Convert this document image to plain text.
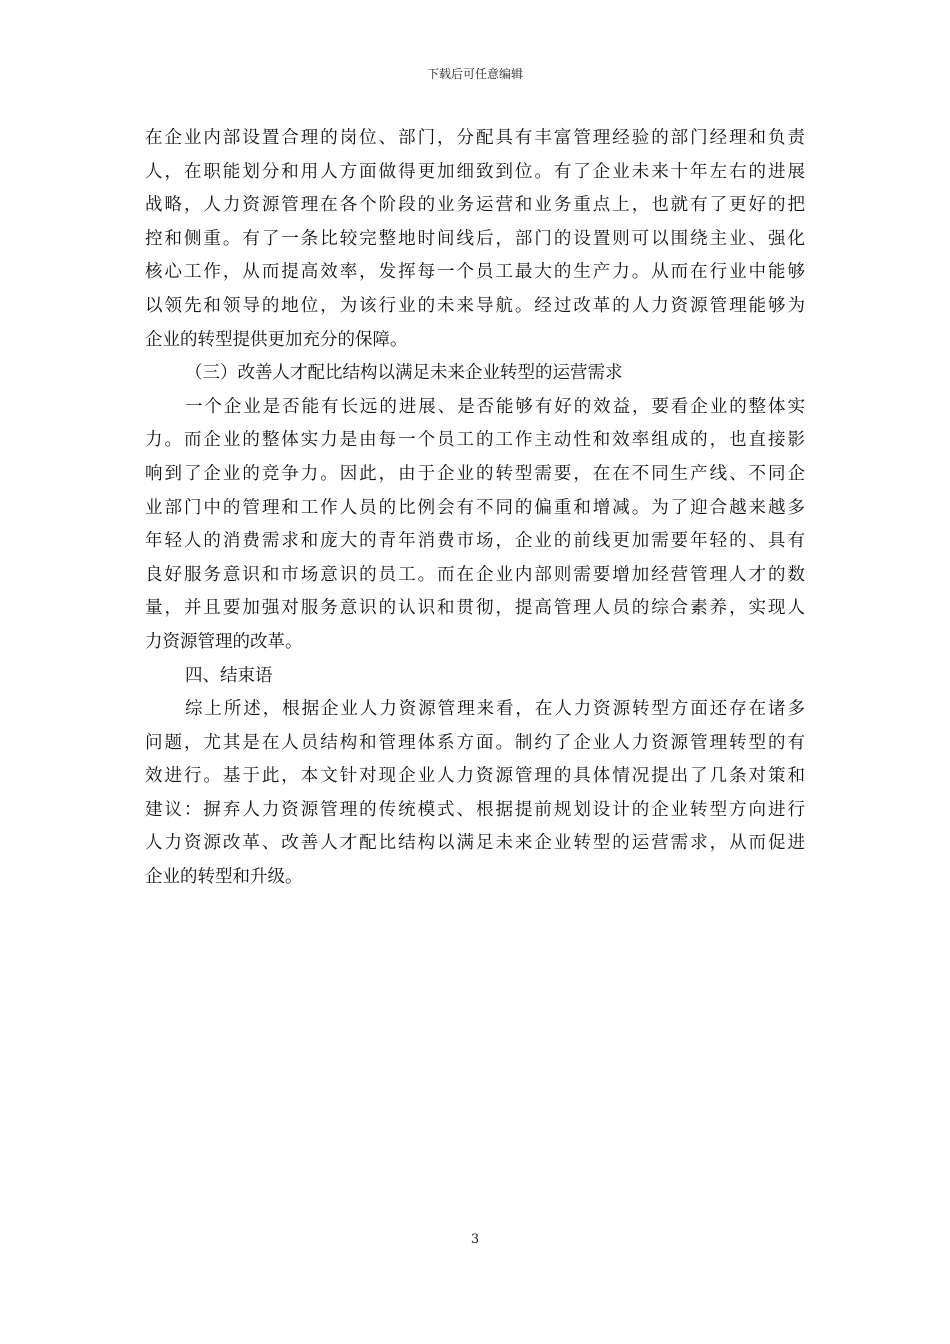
下载后可任意编辑
在企业内部设置合理的岗位、部门，分配具有丰富管理经验的部门经理和负责
人，在职能划分和用人方面做得更加细致到位。有了企业未来十年左右的进展
战略，人力资源管理在各个阶段的业务运营和业务重点上，也就有了更好的把
控和侧重。有了一条比较完整地时间线后，部门的设置则可以围绕主业、强化
核心工作，从而提高效率，发挥每一个员工最大的生产力。从而在行业中能够
以领先和领导的地位，为该行业的未来导航。经过改革的人力资源管理能够为
企业的转型提供更加充分的保障。
（三）改善人才配比结构以满足未来企业转型的运营需求
一个企业是否能有长远的进展、是否能够有好的效益，要看企业的整体实
力。而企业的整体实力是由每一个员工的工作主动性和效率组成的，也直接影
响到了企业的竞争力。因此，由于企业的转型需要，在在不同生产线、不同企
业部门中的管理和工作人员的比例会有不同的偏重和增减。为了迎合越来越多
年轻人的消费需求和庞大的青年消费市场，企业的前线更加需要年轻的、具有
良好服务意识和市场意识的员工。而在企业内部则需要增加经营管理人才的数
量，并且要加强对服务意识的认识和贯彻，提高管理人员的综合素养，实现人
力资源管理的改革。
四、结束语
综上所述，根据企业人力资源管理来看，在人力资源转型方面还存在诸多
问题，尤其是在人员结构和管理体系方面。制约了企业人力资源管理转型的有
效进行。基于此，本文针对现企业人力资源管理的具体情况提出了几条对策和
建议：摒弃人力资源管理的传统模式、根据提前规划设计的企业转型方向进行
人力资源改革、改善人才配比结构以满足未来企业转型的运营需求，从而促进
企业的转型和升级。
3
